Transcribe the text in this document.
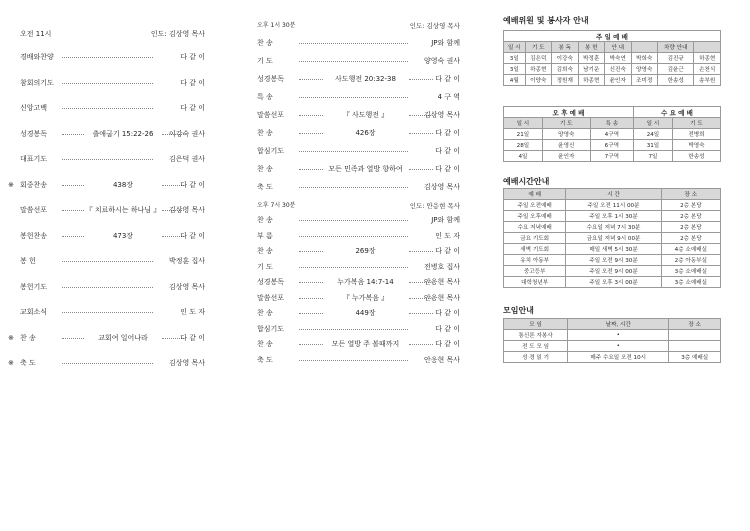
오전 11시	인도: 김상영 목사
경배와찬양	다 같 이
참회의기도	다 같 이
신앙고백	다 같 이
성경봉독	출애굽기 15:22-26	이강숙 권사
대표기도	김은덕 권사
※ 회중찬송	438장	다 같 이
말씀선포	『 치료하시는 하나님 』 김상영 목사
봉헌찬송	473장	다 같 이
봉 헌	박정훈 집사
봉헌기도	김상영 목사
교회소식	인 도 자
※ 찬 송	교회여 일어나라	다 같 이
※ 축 도	김상영 목사
오후 1시 30분	인도: 김상영 목사
찬 송	JP와 함께
기 도	양영숙 권사
성경봉독	사도행전 20:32-38	다 같 이
특 송	4 구 역
말씀선포	『 사도행전 』	김상영 목사
찬 송	426장	다 같 이
합심기도	다 같 이
찬 송	모든 민족과 열방 향하여	다 같 이
축 도	김상영 목사
오후 7시 30분	인도: 안응현 목사
찬 송	JP와 함께
부 름	인 도 자
찬 송	269장	다 같 이
기 도	전병호 집사
성경봉독	누가복음 14:7-14	안응현 목사
말씀선포	『 누가복음 』	안응현 목사
찬 송	449장	다 같 이
합심기도	다 같 이
찬 송	모든 열방 주 볼때까지	다 같 이
축 도	안응현 목사
예배위원 및 봉사자 안내
주 일 예 배							
일 시	기 도	봉 독	봉 헌	안 내		차량 안내	
3일	김은덕	이강숙	박정훈	박숙연	박희숙	김진규	하종현
3일	하종현	김희숙	남기운	신진숙	양영숙	김윤근	손천식
4월	이양숙	정원재	하종현	윤인자	조미정	한송성	송부원
오 후 예 배			수 요 예 배	
일 시	기 도	특 송	일 시	기 도
21일	양영숙	4구역	24일	전병희
28일	윤영신	6구역	31일	박영숙
4일	윤인자	7구역	7일	한송성
예배시간안내
예 배	시 간	장 소
주일 오전예배	주일 오전 11시 00분	2층 본당
주일 오후예배	주일 오후 1시 30분	2층 본당
수요 저녁예배	수요일 저녁 7시 30분	2층 본당
금요 기도회	금요일 저녁 9시 00분	2층 본당
새벽 기도회	매일 새벽 5시 30분	4층 소예배실
유치 아동부	주일 오전 9시 30분	2층 아동부실
중고등부	주일 오전 9시 00분	3층 소예배실
대학청년부	주일 오후 3시 00분	3층 소예배실
모임안내
모 임	날짜, 시간	장 소
통신론 자봉사	•	
전 도 모 임	•	
성 경 읽 기	매주 수요일 오전 10시	3층 예배실
